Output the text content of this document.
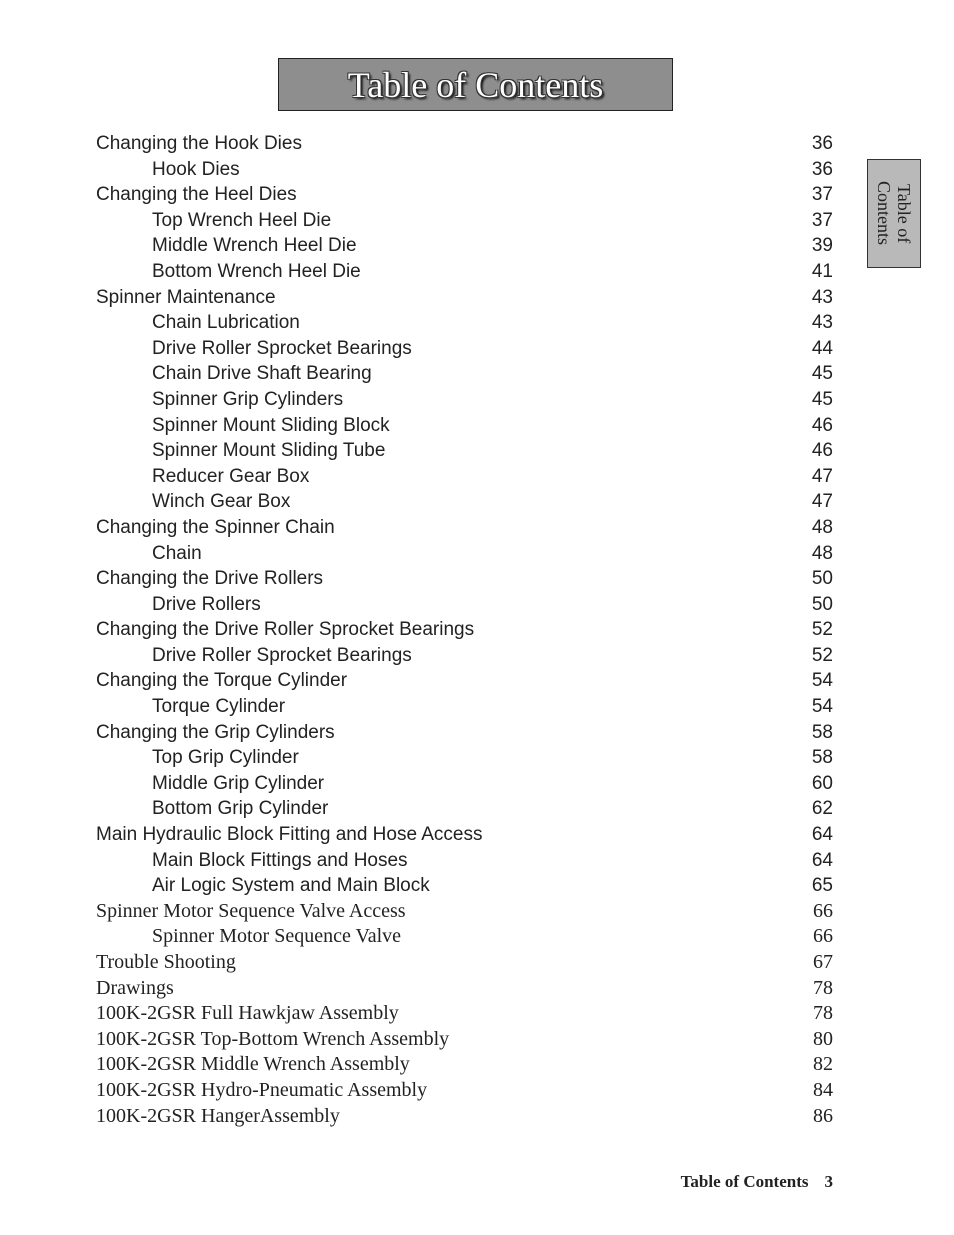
Table of Contents
Table of
Contents
Changing the Hook Dies	36
Hook Dies	36
Changing the Heel Dies	37
Top Wrench Heel Die	37
Middle Wrench Heel Die	39
Bottom Wrench Heel Die	41
Spinner Maintenance	43
Chain Lubrication	43
Drive Roller Sprocket Bearings	44
Chain Drive Shaft Bearing	45
Spinner Grip Cylinders	45
Spinner Mount Sliding Block	46
Spinner Mount Sliding Tube	46
Reducer Gear Box	47
Winch Gear Box	47
Changing the Spinner Chain	48
Chain	48
Changing the Drive Rollers	50
Drive Rollers	50
Changing the Drive Roller Sprocket Bearings	52
Drive Roller Sprocket Bearings	52
Changing the Torque Cylinder	54
Torque Cylinder	54
Changing the Grip Cylinders	58
Top Grip Cylinder	58
Middle Grip Cylinder	60
Bottom Grip Cylinder	62
Main Hydraulic Block Fitting and Hose Access	64
Main Block Fittings and Hoses	64
Air Logic System and Main Block	65
Spinner Motor Sequence Valve Access	66
Spinner Motor Sequence Valve	66
Trouble Shooting	67
Drawings	78
100K-2GSR Full Hawkjaw Assembly	78
100K-2GSR Top-Bottom Wrench Assembly	80
100K-2GSR Middle Wrench Assembly	82
100K-2GSR Hydro-Pneumatic Assembly	84
100K-2GSR HangerAssembly	86
Table of Contents 3
